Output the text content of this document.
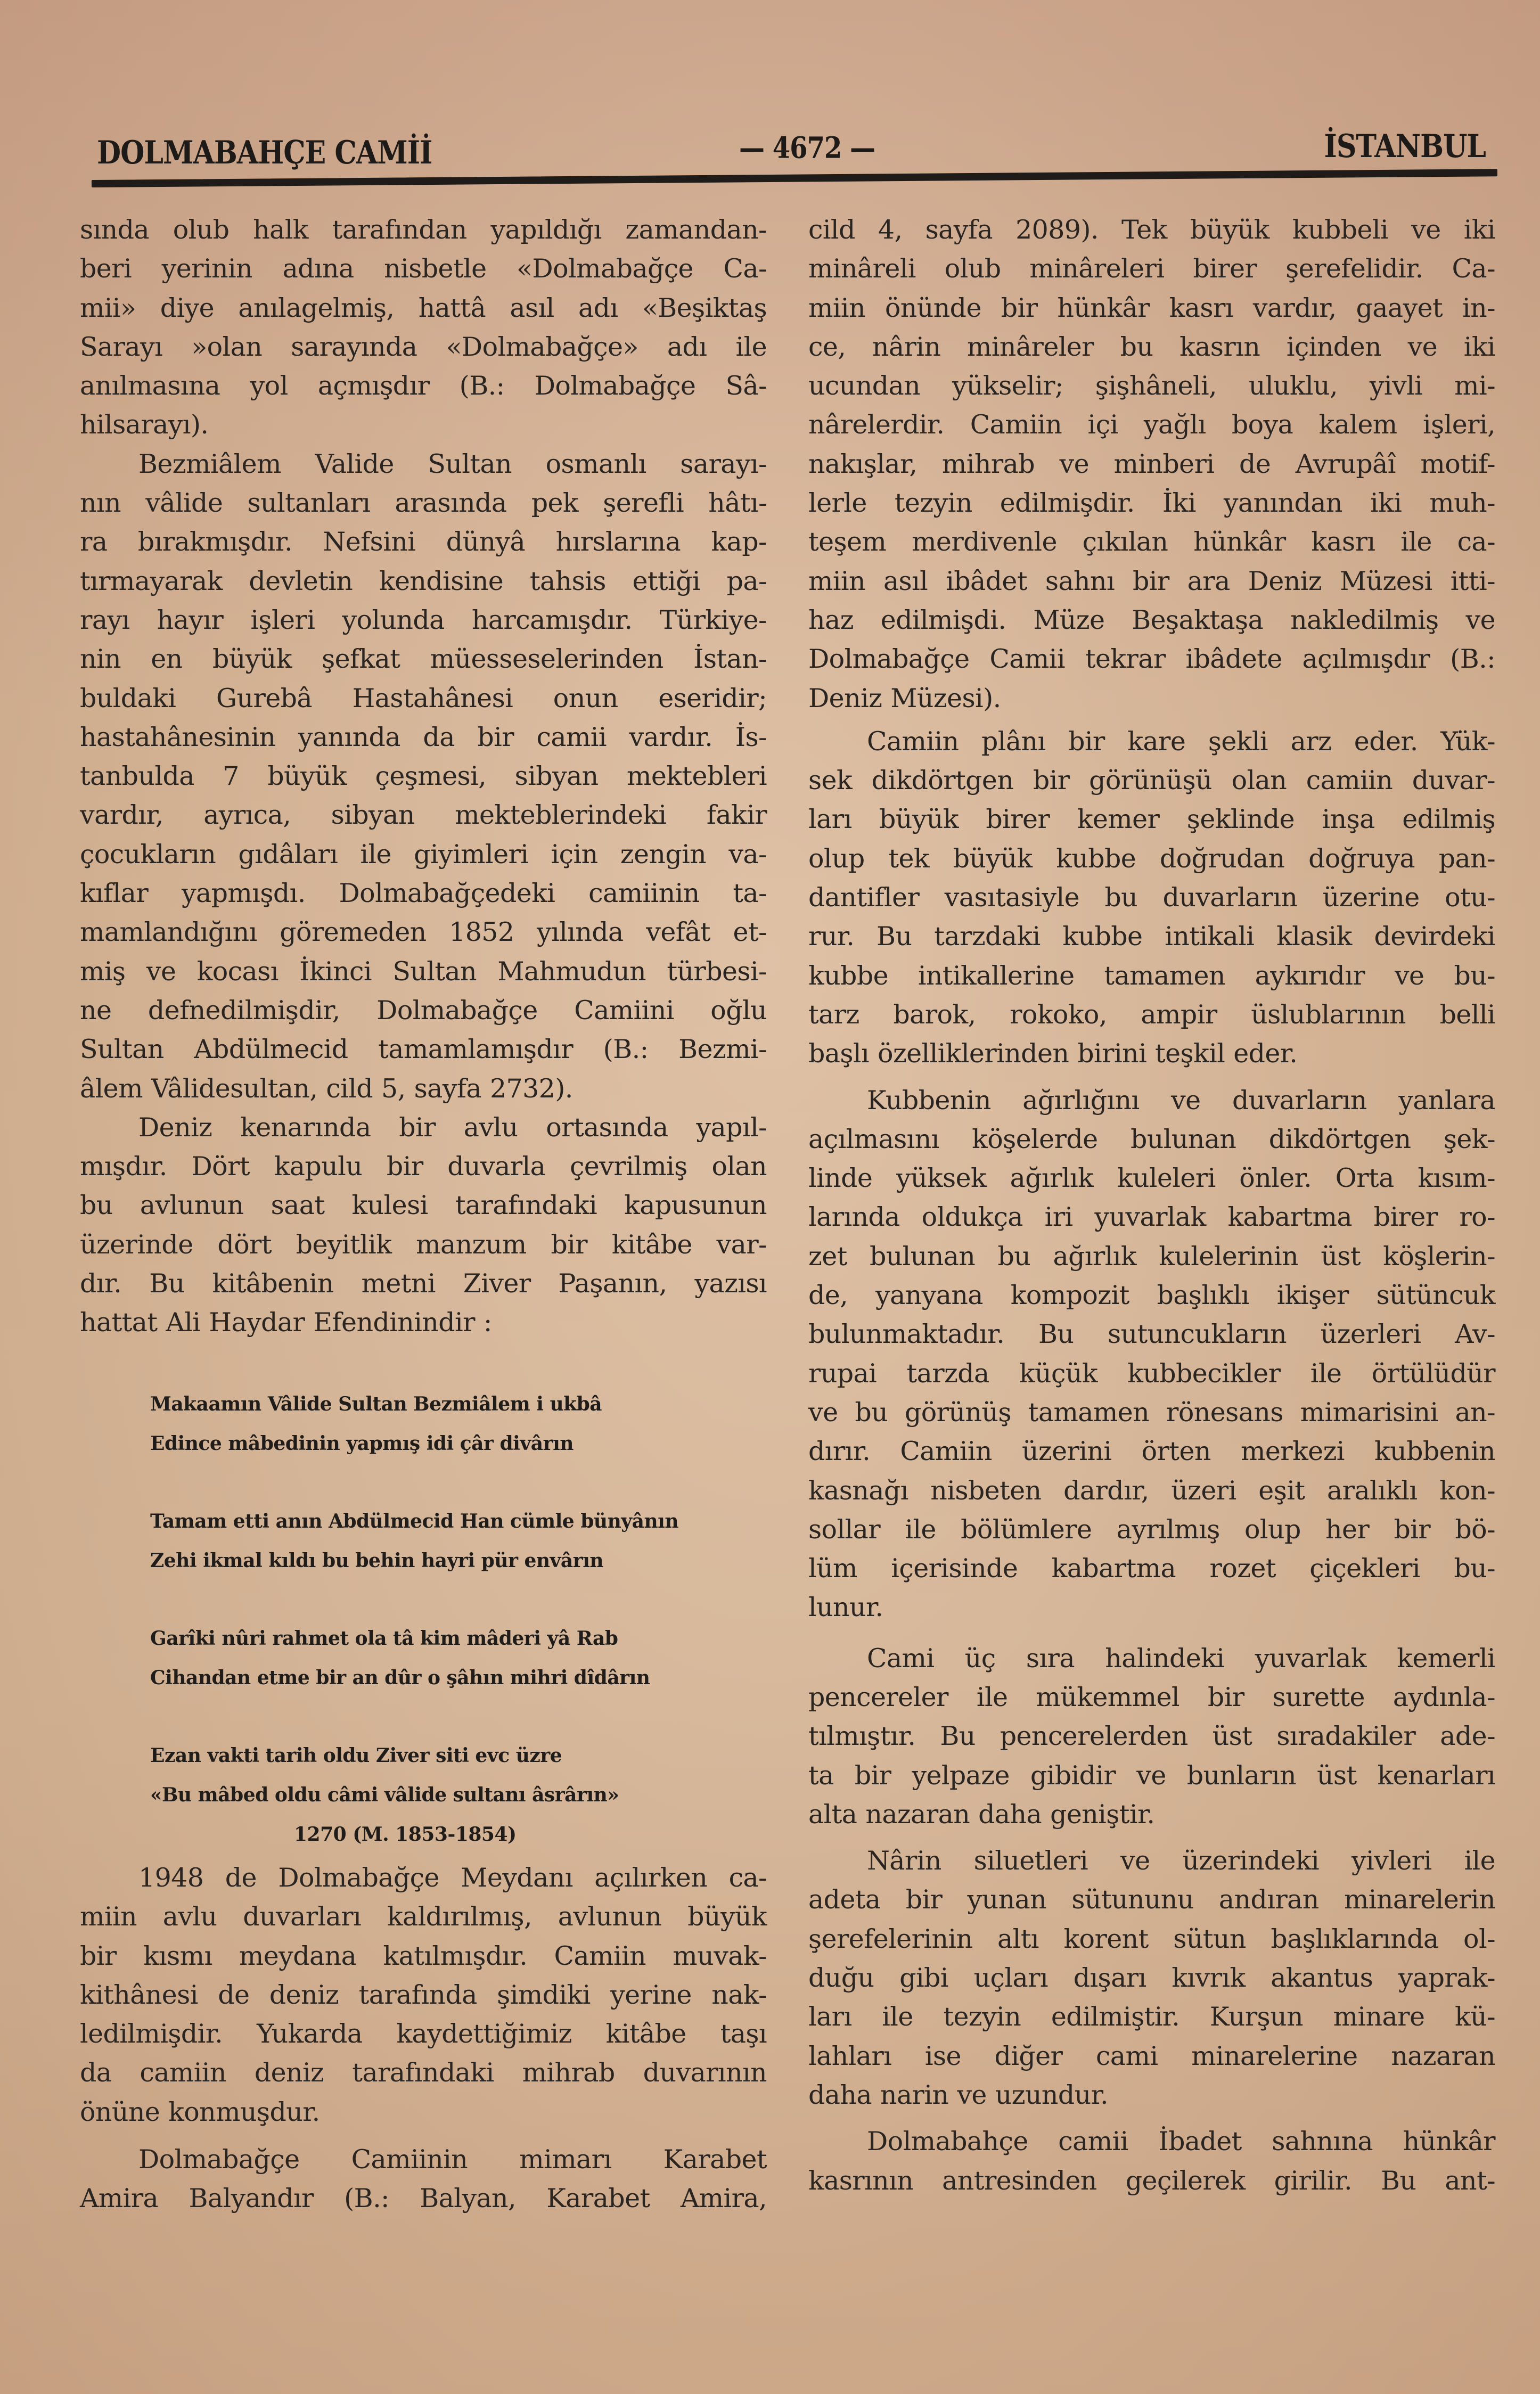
DOLMABAHÇE CAMİİ	— 4672 —	İSTANBUL
sında olub halk tarafından yapıldığı zamandan-
beri yerinin adına nisbetle «Dolmabağçe Ca-
mii» diye anılagelmiş, hattâ asıl adı «Beşiktaş
Sarayı »olan sarayında «Dolmabağçe» adı ile
anılmasına yol açmışdır (B.: Dolmabağçe Sâ-
hilsarayı).
Bezmiâlem Valide Sultan osmanlı sarayı-
nın vâlide sultanları arasında pek şerefli hâtı-
ra bırakmışdır. Nefsini dünyâ hırslarına kap-
tırmayarak devletin kendisine tahsis ettiği pa-
rayı hayır işleri yolunda harcamışdır. Türkiye-
nin en büyük şefkat müesseselerinden İstan-
buldaki Gurebâ Hastahânesi onun eseridir;
hastahânesinin yanında da bir camii vardır. İs-
tanbulda 7 büyük çeşmesi, sibyan mektebleri
vardır, ayrıca, sibyan mekteblerindeki fakir
çocukların gıdâları ile giyimleri için zengin va-
kıflar yapmışdı. Dolmabağçedeki camiinin ta-
mamlandığını göremeden 1852 yılında vefât et-
miş ve kocası İkinci Sultan Mahmudun türbesi-
ne defnedilmişdir, Dolmabağçe Camiini oğlu
Sultan Abdülmecid tamamlamışdır (B.: Bezmi-
âlem Vâlidesultan, cild 5, sayfa 2732).
Deniz kenarında bir avlu ortasında yapıl-
mışdır. Dört kapulu bir duvarla çevrilmiş olan
bu avlunun saat kulesi tarafındaki kapusunun
üzerinde dört beyitlik manzum bir kitâbe var-
dır. Bu kitâbenin metni Ziver Paşanın, yazısı
hattat Ali Haydar Efendinindir :
Makaamın Vâlide Sultan Bezmiâlem i ukbâ
Edince mâbedinin yapmış idi çâr divârın
Tamam etti anın Abdülmecid Han cümle bünyânın
Zehi ikmal kıldı bu behin hayri pür envârın
Garîki nûri rahmet ola tâ kim mâderi yâ Rab
Cihandan etme bir an dûr o şâhın mihri dîdârın
Ezan vakti tarih oldu Ziver siti evc üzre
«Bu mâbed oldu câmi vâlide sultanı âsrârın»
1270 (M. 1853-1854)
1948 de Dolmabağçe Meydanı açılırken ca-
miin avlu duvarları kaldırılmış, avlunun büyük
bir kısmı meydana katılmışdır. Camiin muvak-
kithânesi de deniz tarafında şimdiki yerine nak-
ledilmişdir. Yukarda kaydettiğimiz kitâbe taşı
da camiin deniz tarafındaki mihrab duvarının
önüne konmuşdur.
Dolmabağçe Camiinin mimarı Karabet
Amira Balyandır (B.: Balyan, Karabet Amira,
cild 4, sayfa 2089). Tek büyük kubbeli ve iki
minâreli olub minâreleri birer şerefelidir. Ca-
miin önünde bir hünkâr kasrı vardır, gaayet in-
ce, nârin minâreler bu kasrın içinden ve iki
ucundan yükselir; şişhâneli, uluklu, yivli mi-
nârelerdir. Camiin içi yağlı boya kalem işleri,
nakışlar, mihrab ve minberi de Avrupâî motif-
lerle tezyin edilmişdir. İki yanından iki muh-
teşem merdivenle çıkılan hünkâr kasrı ile ca-
miin asıl ibâdet sahnı bir ara Deniz Müzesi itti-
haz edilmişdi. Müze Beşaktaşa nakledilmiş ve
Dolmabağçe Camii tekrar ibâdete açılmışdır (B.:
Deniz Müzesi).
Camiin plânı bir kare şekli arz eder. Yük-
sek dikdörtgen bir görünüşü olan camiin duvar-
ları büyük birer kemer şeklinde inşa edilmiş
olup tek büyük kubbe doğrudan doğruya pan-
dantifler vasıtasiyle bu duvarların üzerine otu-
rur. Bu tarzdaki kubbe intikali klasik devirdeki
kubbe intikallerine tamamen aykırıdır ve bu-
tarz barok, rokoko, ampir üslublarının belli
başlı özelliklerinden birini teşkil eder.
Kubbenin ağırlığını ve duvarların yanlara
açılmasını köşelerde bulunan dikdörtgen şek-
linde yüksek ağırlık kuleleri önler. Orta kısım-
larında oldukça iri yuvarlak kabartma birer ro-
zet bulunan bu ağırlık kulelerinin üst köşlerin-
de, yanyana kompozit başlıklı ikişer sütüncuk
bulunmaktadır. Bu sutuncukların üzerleri Av-
rupai tarzda küçük kubbecikler ile örtülüdür
ve bu görünüş tamamen rönesans mimarisini an-
dırır. Camiin üzerini örten merkezi kubbenin
kasnağı nisbeten dardır, üzeri eşit aralıklı kon-
sollar ile bölümlere ayrılmış olup her bir bö-
lüm içerisinde kabartma rozet çiçekleri bu-
lunur.
Cami üç sıra halindeki yuvarlak kemerli
pencereler ile mükemmel bir surette aydınla-
tılmıştır. Bu pencerelerden üst sıradakiler ade-
ta bir yelpaze gibidir ve bunların üst kenarları
alta nazaran daha geniştir.
Nârin siluetleri ve üzerindeki yivleri ile
adeta bir yunan sütununu andıran minarelerin
şerefelerinin altı korent sütun başlıklarında ol-
duğu gibi uçları dışarı kıvrık akantus yaprak-
ları ile tezyin edilmiştir. Kurşun minare kü-
lahları ise diğer cami minarelerine nazaran
daha narin ve uzundur.
Dolmabahçe camii İbadet sahnına hünkâr
kasrının antresinden geçilerek girilir. Bu ant-
